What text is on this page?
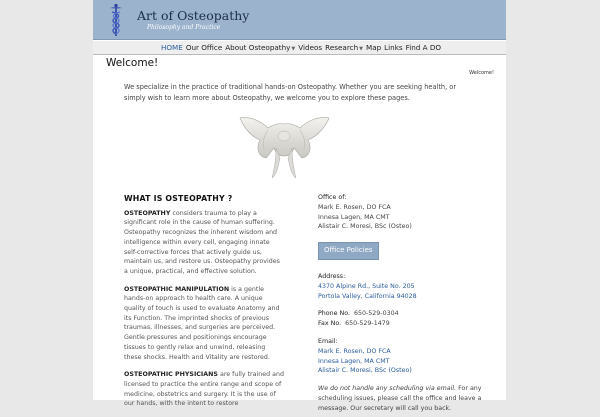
Art of Osteopathy
Philosophy and Practice
HOME Our Office About Osteopathy▼ Videos Research▼ Map Links Find A DO
Welcome!
Welcome!
We specialize in the practice of traditional hands-on Osteopathy. Whether you are seeking health, or simply wish to learn more about Osteopathy, we welcome you to explore these pages.
WHAT IS OSTEOPATHY ?

OSTEOPATHY considers trauma to play a significant role in the cause of human suffering. Osteopathy recognizes the inherent wisdom and intelligence within every cell, engaging innate self-corrective forces that actively guide us, maintain us, and restore us. Osteopathy provides a unique, practical, and effective solution.

OSTEOPATHIC MANIPULATION is a gentle hands-on approach to health care. A unique quality of touch is used to evaluate Anatomy and its Function. The imprinted shocks of previous traumas, illnesses, and surgeries are perceived. Gentle pressures and positionings encourage tissues to gently relax and unwind, releasing these shocks. Health and Vitality are restored.

OSTEOPATHIC PHYSICIANS are fully trained and licensed to practice the entire range and scope of medicine, obstetrics and surgery. It is the use of our hands, with the intent to restore

Office of:
Mark E. Rosen, DO FCA
Innesa Lagen, MA CMT
Alistair C. Moresi, BSc (Osteo)
Office Policies
Address:
4370 Alpine Rd., Suite No. 205
Portola Valley, California 94028
Phone No. 650-529-0304
Fax No. 650-529-1479
Email:
Mark E. Rosen, DO FCA
Innesa Lagen, MA CMT
Alistair C. Moresi, BSc (Osteo)
We do not handle any scheduling via email. For any scheduling issues, please call the office and leave a message. Our secretary will call you back.
